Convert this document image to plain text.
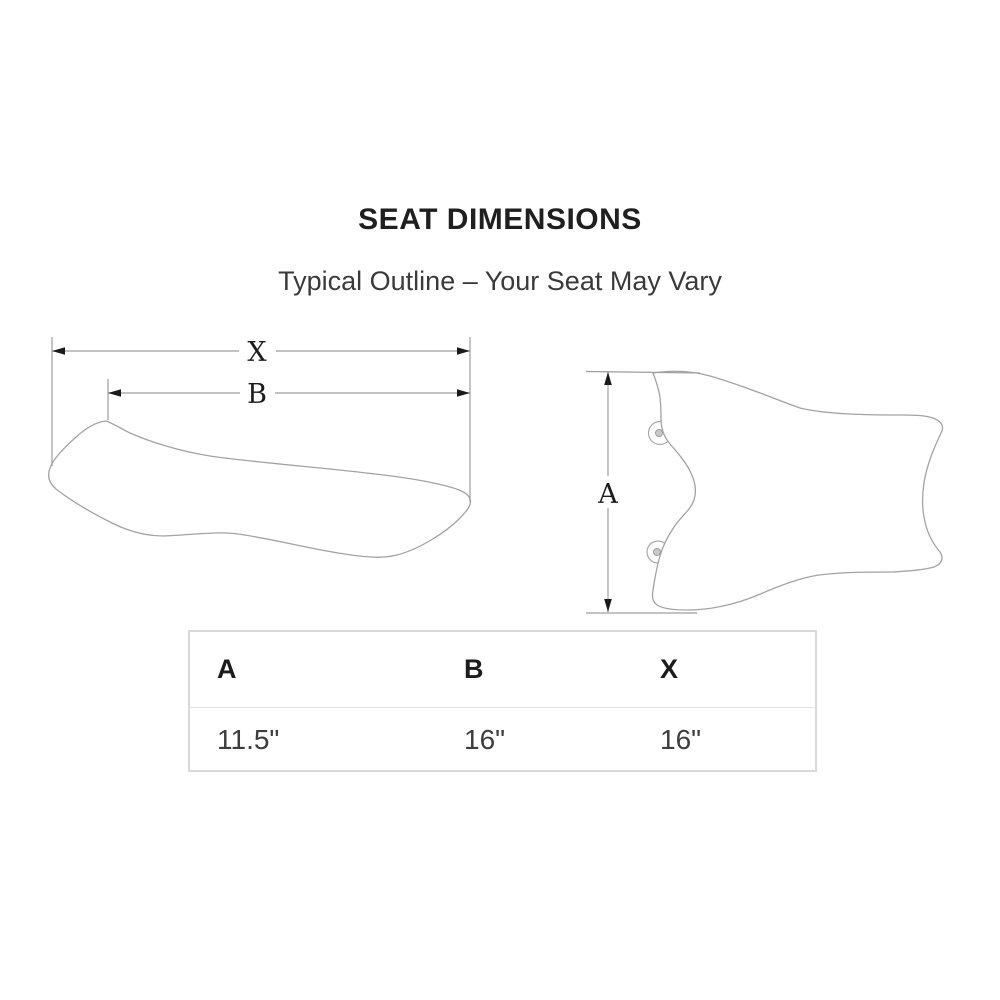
SEAT DIMENSIONS
Typical Outline – Your Seat May Vary
X
B
A
A	B	X
11.5"	16"	16"
